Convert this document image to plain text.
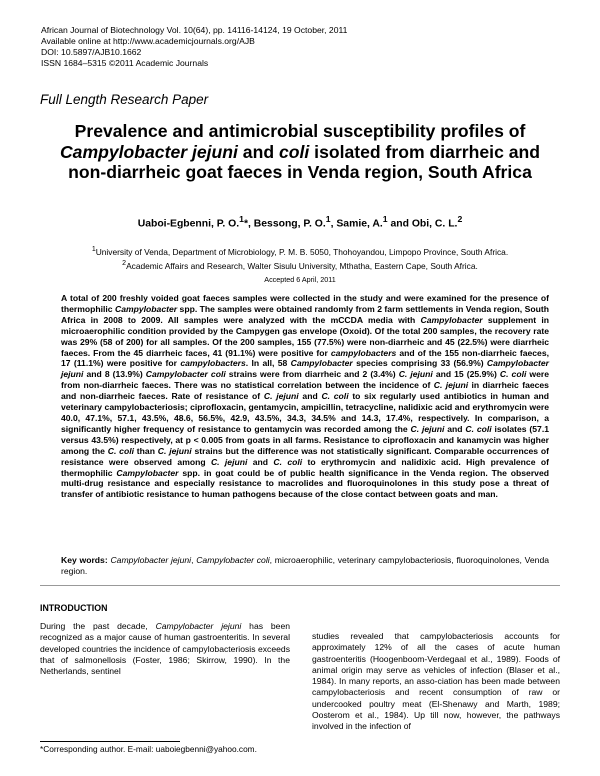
African Journal of Biotechnology Vol. 10(64), pp. 14116-14124, 19 October, 2011
Available online at http://www.academicjournals.org/AJB
DOI: 10.5897/AJB10.1662
ISSN 1684–5315 ©2011 Academic Journals
Full Length Research Paper
Prevalence and antimicrobial susceptibility profiles of Campylobacter jejuni and coli isolated from diarrheic and non-diarrheic goat faeces in Venda region, South Africa
Uaboi-Egbenni, P. O.$^1$*, Bessong, P. O.$^1$, Samie, A.$^1$ and Obi, C. L.$^2$
$^1$University of Venda, Department of Microbiology, P. M. B. 5050, Thohoyandou, Limpopo Province, South Africa.
$^2$Academic Affairs and Research, Walter Sisulu University, Mthatha, Eastern Cape, South Africa.
Accepted 6 April, 2011
A total of 200 freshly voided goat faeces samples were collected in the study and were examined for the presence of thermophilic Campylobacter spp. The samples were obtained randomly from 2 farm settlements in Venda region, South Africa in 2008 to 2009. All samples were analyzed with the mCCDA media with Campylobacter supplement in microaerophilic condition provided by the Campygen gas envelope (Oxoid). Of the total 200 samples, the recovery rate was 29% (58 of 200) for all samples. Of the 200 samples, 155 (77.5%) were non-diarrheic and 45 (22.5%) were diarrheic faeces. From the 45 diarrheic faces, 41 (91.1%) were positive for campylobacters and of the 155 non-diarrheic faeces, 17 (11.1%) were positive for campylobacters. In all, 58 Campylobacter species comprising 33 (56.9%) Campylobacter jejuni and 8 (13.9%) Campylobacter coli strains were from diarrheic and 2 (3.4%) C. jejuni and 15 (25.9%) C. coli were from non-diarrheic faeces. There was no statistical correlation between the incidence of C. jejuni in diarrheic faeces and non-diarrheic faeces. Rate of resistance of C. jejuni and C. coli to six regularly used antibiotics in human and veterinary campylobacteriosis; ciprofloxacin, gentamycin, ampicillin, tetracycline, nalidixic acid and erythromycin were 40.0, 47.1%, 57.1, 43.5%, 48.6, 56.5%, 42.9, 43.5%, 34.3, 34.5% and 14.3, 17.4%, respectively. In comparison, a significantly higher frequency of resistance to gentamycin was recorded among the C. jejuni and C. coli isolates (57.1 versus 43.5%) respectively, at p < 0.005 from goats in all farms. Resistance to ciprofloxacin and kanamycin was higher among the C. coli than C. jejuni strains but the difference was not statistically significant. Comparable occurrences of resistance were observed among C. jejuni and C. coli to erythromycin and nalidixic acid. High prevalence of thermophilic Campylobacter spp. in goat could be of public health significance in the Venda region. The observed multi-drug resistance and especially resistance to macrolides and fluoroquinolones in this study pose a threat of transfer of antibiotic resistance to human pathogens because of the close contact between goats and man.
Key words: Campylobacter jejuni, Campylobacter coli, microaerophilic, veterinary campylobacteriosis, fluoroquinolones, Venda region.
INTRODUCTION
During the past decade, Campylobacter jejuni has been recognized as a major cause of human gastroenteritis. In several developed countries the incidence of campylobacteriosis exceeds that of salmonellosis (Foster, 1986; Skirrow, 1990). In the Netherlands, sentinel
studies revealed that campylobacteriosis accounts for approximately 12% of all the cases of acute human gastroenteritis (Hoogenboom-Verdegaal et al., 1989). Foods of animal origin may serve as vehicles of infection (Blaser et al., 1984). In many reports, an asso-ciation has been made between campylobacteriosis and recent consumption of raw or undercooked poultry meat (El-Shenawy and Marth, 1989; Oosterom et al., 1984). Up till now, however, the pathways involved in the infection of
*Corresponding author. E-mail: uaboiegbenni@yahoo.com.
